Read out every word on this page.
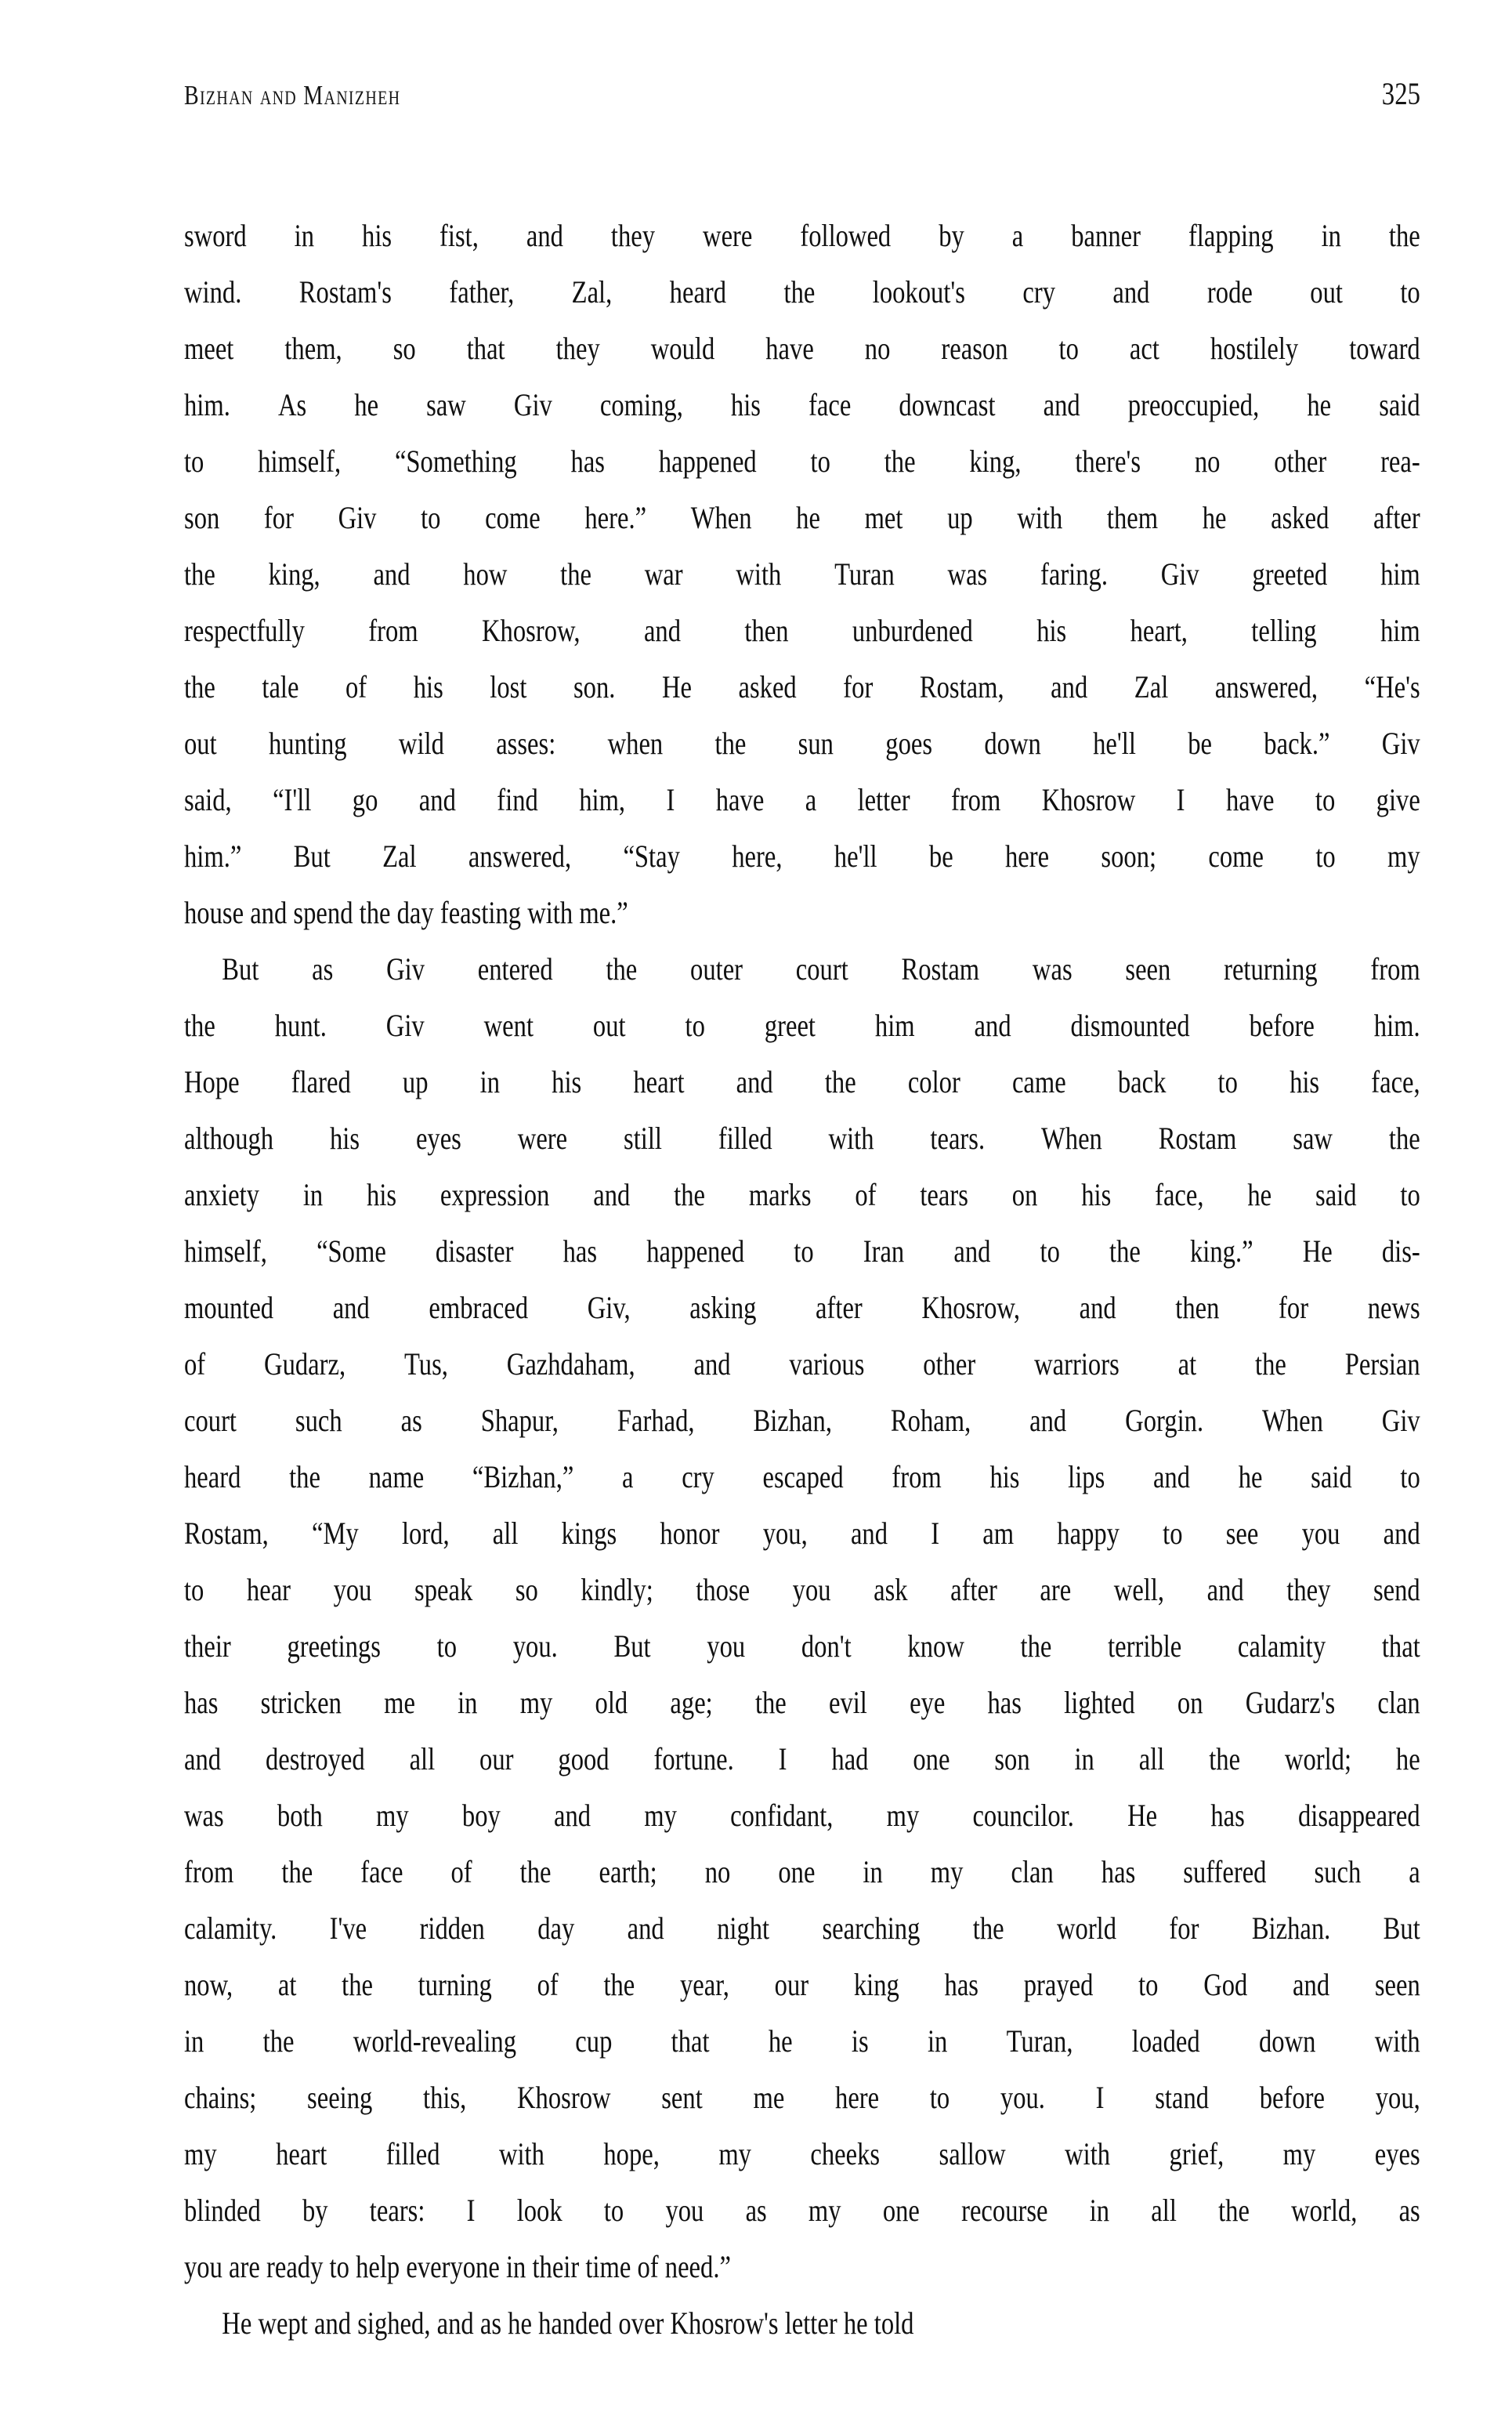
Bizhan and Manizheh	325
sword in his fist, and they were followed by a banner flapping in the
wind. Rostam's father, Zal, heard the lookout's cry and rode out to
meet them, so that they would have no reason to act hostilely toward
him. As he saw Giv coming, his face downcast and preoccupied, he said
to himself, “Something has happened to the king, there's no other rea-
son for Giv to come here.” When he met up with them he asked after
the king, and how the war with Turan was faring. Giv greeted him
respectfully from Khosrow, and then unburdened his heart, telling him
the tale of his lost son. He asked for Rostam, and Zal answered, “He's
out hunting wild asses: when the sun goes down he'll be back.” Giv
said, “I'll go and find him, I have a letter from Khosrow I have to give
him.” But Zal answered, “Stay here, he'll be here soon; come to my
house and spend the day feasting with me.”
But as Giv entered the outer court Rostam was seen returning from
the hunt. Giv went out to greet him and dismounted before him.
Hope flared up in his heart and the color came back to his face,
although his eyes were still filled with tears. When Rostam saw the
anxiety in his expression and the marks of tears on his face, he said to
himself, “Some disaster has happened to Iran and to the king.” He dis-
mounted and embraced Giv, asking after Khosrow, and then for news
of Gudarz, Tus, Gazhdaham, and various other warriors at the Persian
court such as Shapur, Farhad, Bizhan, Roham, and Gorgin. When Giv
heard the name “Bizhan,” a cry escaped from his lips and he said to
Rostam, “My lord, all kings honor you, and I am happy to see you and
to hear you speak so kindly; those you ask after are well, and they send
their greetings to you. But you don't know the terrible calamity that
has stricken me in my old age; the evil eye has lighted on Gudarz's clan
and destroyed all our good fortune. I had one son in all the world; he
was both my boy and my confidant, my councilor. He has disappeared
from the face of the earth; no one in my clan has suffered such a
calamity. I've ridden day and night searching the world for Bizhan. But
now, at the turning of the year, our king has prayed to God and seen
in the world-revealing cup that he is in Turan, loaded down with
chains; seeing this, Khosrow sent me here to you. I stand before you,
my heart filled with hope, my cheeks sallow with grief, my eyes
blinded by tears: I look to you as my one recourse in all the world, as
you are ready to help everyone in their time of need.”
He wept and sighed, and as he handed over Khosrow's letter he told
